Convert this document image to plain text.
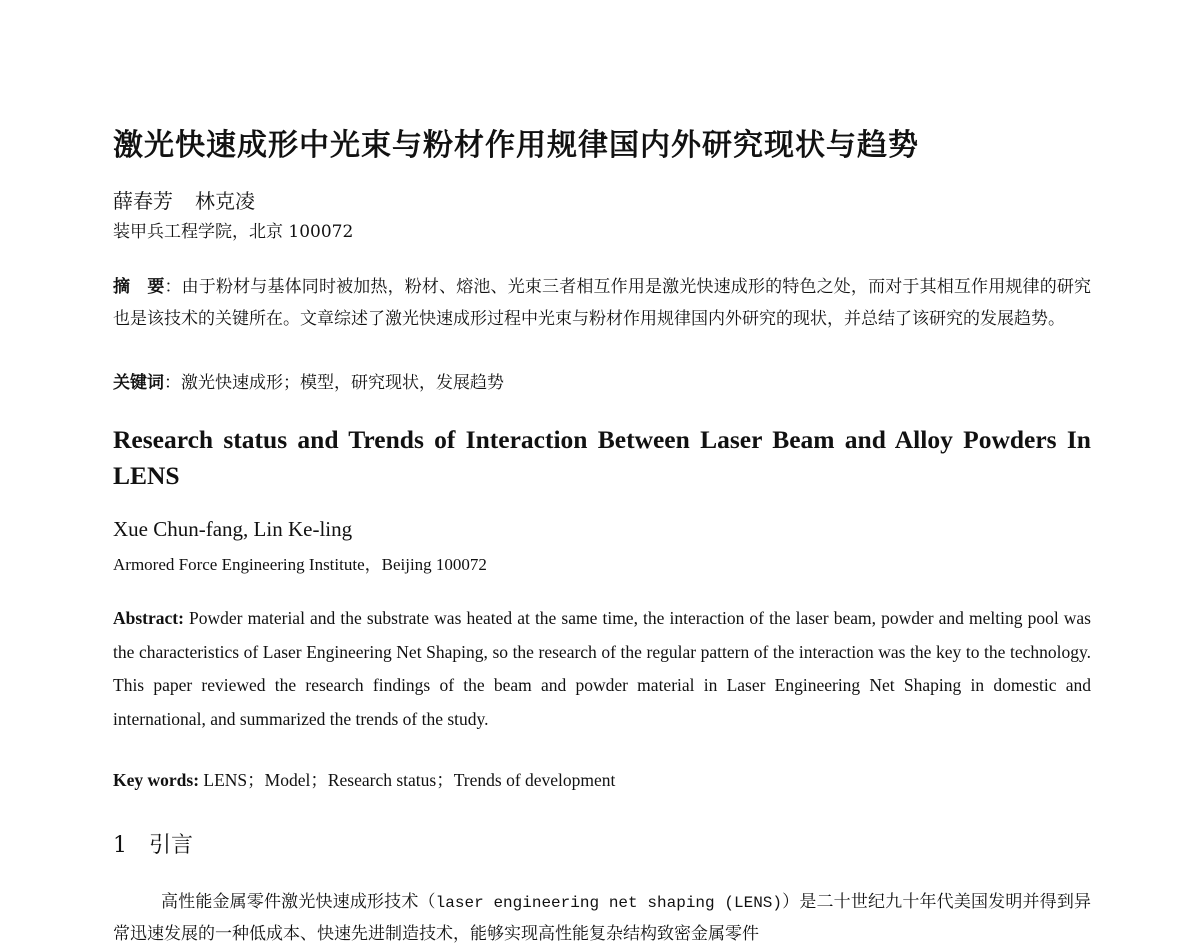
激光快速成形中光束与粉材作用规律国内外研究现状与趋势
薛春芳 林克凌
装甲兵工程学院，北京 100072
摘　要：由于粉材与基体同时被加热，粉材、熔池、光束三者相互作用是激光快速成形的特色之处，而对于其相互作用规律的研究也是该技术的关键所在。文章综述了激光快速成形过程中光束与粉材作用规律国内外研究的现状，并总结了该研究的发展趋势。
关键词：激光快速成形；模型，研究现状，发展趋势
Research status and Trends of Interaction Between Laser Beam and Alloy Powders In LENS
Xue Chun-fang, Lin Ke-ling
Armored Force Engineering Institute，Beijing 100072
Abstract: Powder material and the substrate was heated at the same time, the interaction of the laser beam, powder and melting pool was the characteristics of Laser Engineering Net Shaping, so the research of the regular pattern of the interaction was the key to the technology. This paper reviewed the research findings of the beam and powder material in Laser Engineering Net Shaping in domestic and international, and summarized the trends of the study.
Key words: LENS；Model；Research status；Trends of development
1 引言
高性能金属零件激光快速成形技术（laser engineering net shaping (LENS)）是二十世纪九十年代美国发明并得到异常迅速发展的一种低成本、快速先进制造技术，能够实现高性能复杂结构致密金属零件
